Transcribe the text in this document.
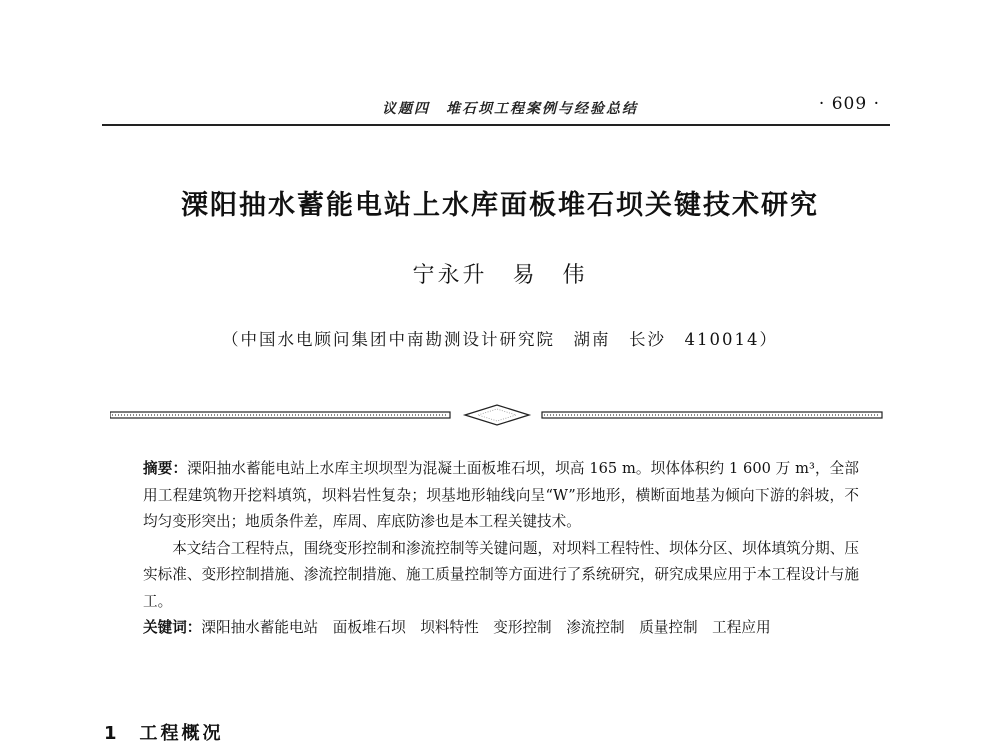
议题四　堆石坝工程案例与经验总结	· 609 ·
溧阳抽水蓄能电站上水库面板堆石坝关键技术研究
宁永升　易　伟
（中国水电顾问集团中南勘测设计研究院　湖南　长沙　410014）

摘要：溧阳抽水蓄能电站上水库主坝坝型为混凝土面板堆石坝，坝高 165 m。坝体体积约 1 600 万 m³，全部用工程建筑物开挖料填筑，坝料岩性复杂；坝基地形轴线向呈“W”形地形，横断面地基为倾向下游的斜坡，不均匀变形突出；地质条件差，库周、库底防渗也是本工程关键技术。

本文结合工程特点，围绕变形控制和渗流控制等关键问题，对坝料工程特性、坝体分区、坝体填筑分期、压实标准、变形控制措施、渗流控制措施、施工质量控制等方面进行了系统研究，研究成果应用于本工程设计与施工。

关键词：溧阳抽水蓄能电站　面板堆石坝　坝料特性　变形控制　渗流控制　质量控制　工程应用

1 工程概况
